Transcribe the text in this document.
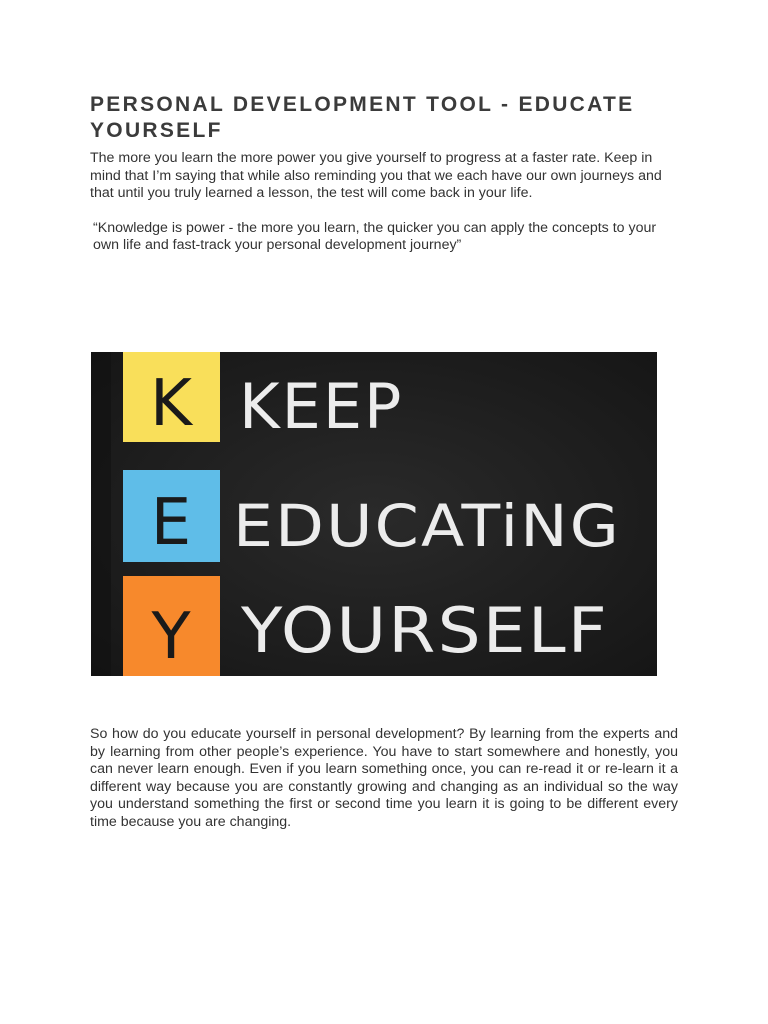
PERSONAL DEVELOPMENT TOOL - EDUCATE YOURSELF

The more you learn the more power you give yourself to progress at a faster rate. Keep in mind that I’m saying that while also reminding you that we each have our own journeys and that until you truly learned a lesson, the test will come back in your life.

“Knowledge is power - the more you learn, the quicker you can apply the concepts to your own life and fast-track your personal development journey”

K
E
Y
KEEP
EDUCATiNG
YOURSELF

So how do you educate yourself in personal development? By learning from the experts and by learning from other people’s experience. You have to start somewhere and honestly, you can never learn enough. Even if you learn something once, you can re-read it or re-learn it a different way because you are constantly growing and changing as an individual so the way you understand something the first or second time you learn it is going to be different every time because you are changing.
